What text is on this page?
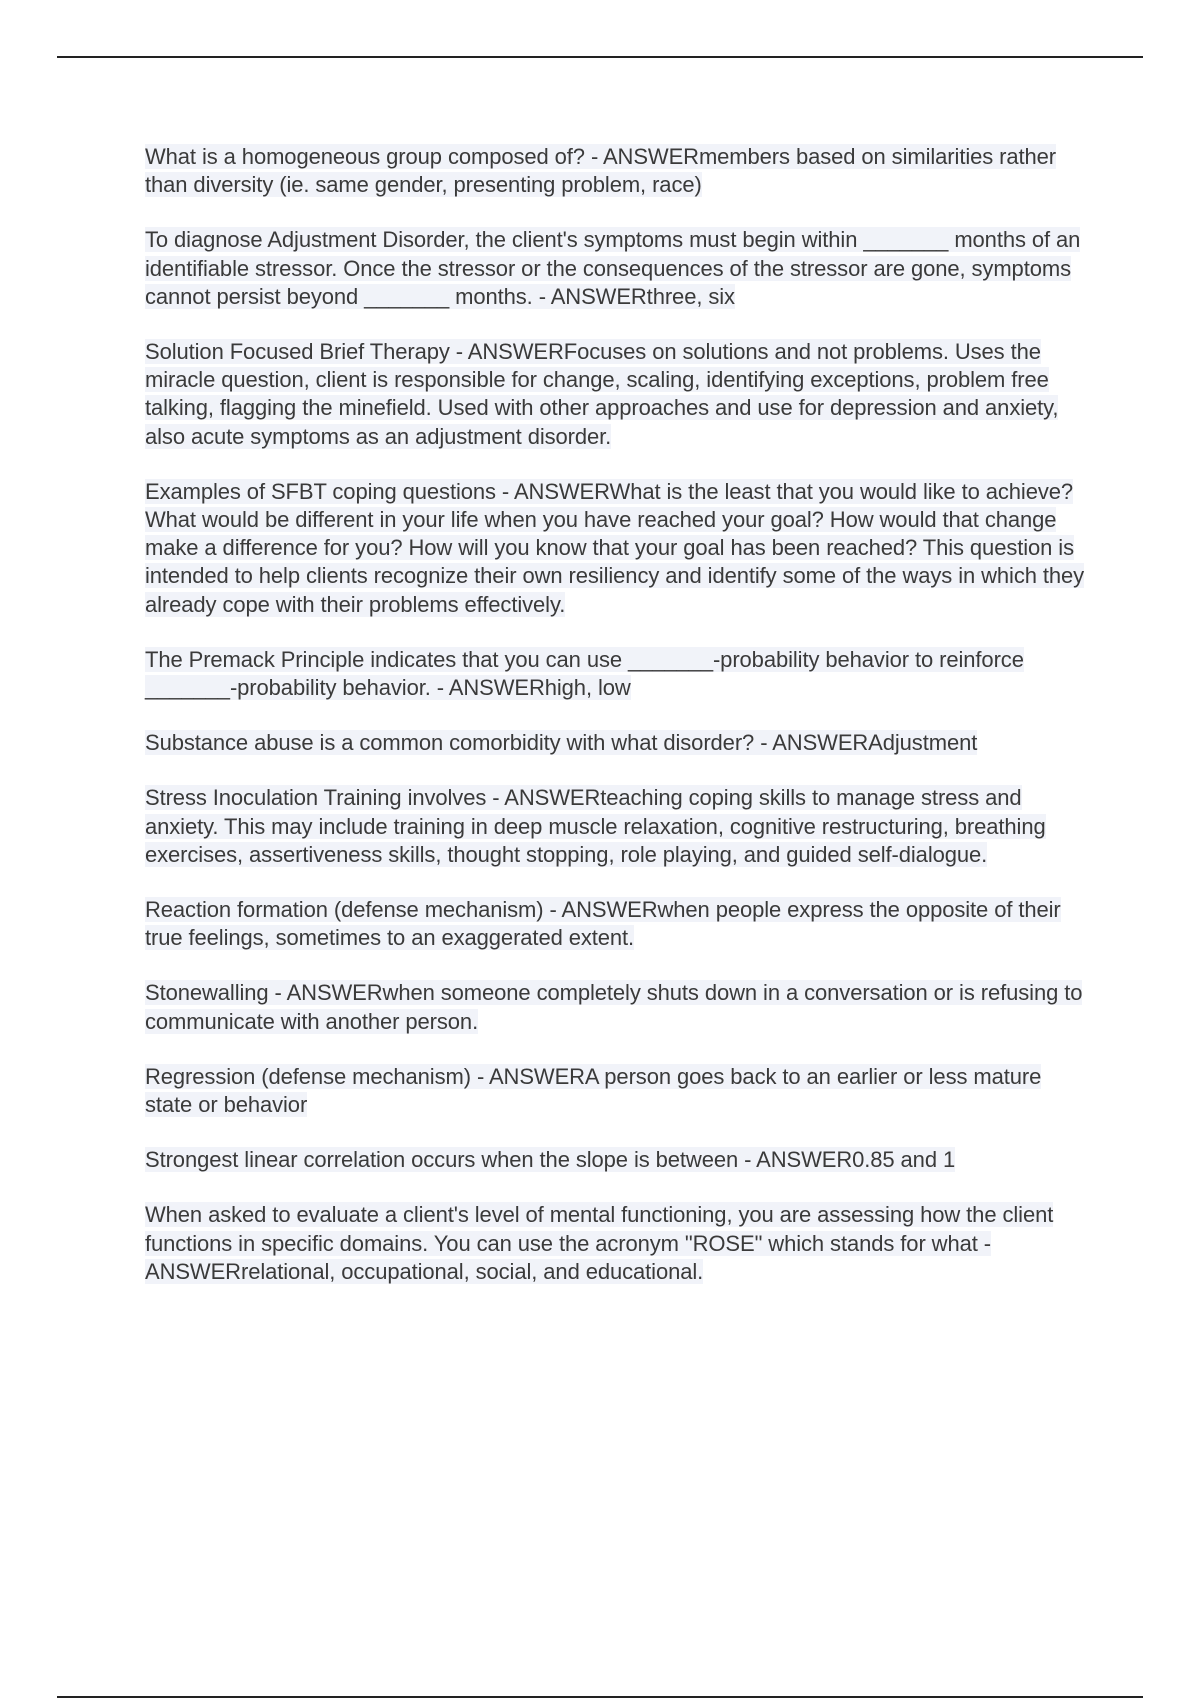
What is a homogeneous group composed of? - ANSWERmembers based on similarities rather than diversity (ie. same gender, presenting problem, race)

To diagnose Adjustment Disorder, the client's symptoms must begin within _______ months of an identifiable stressor. Once the stressor or the consequences of the stressor are gone, symptoms cannot persist beyond _______ months. - ANSWERthree, six

Solution Focused Brief Therapy - ANSWERFocuses on solutions and not problems. Uses the miracle question, client is responsible for change, scaling, identifying exceptions, problem free talking, flagging the minefield. Used with other approaches and use for depression and anxiety, also acute symptoms as an adjustment disorder.

Examples of SFBT coping questions - ANSWERWhat is the least that you would like to achieve? What would be different in your life when you have reached your goal? How would that change make a difference for you? How will you know that your goal has been reached? This question is intended to help clients recognize their own resiliency and identify some of the ways in which they already cope with their problems effectively.

The Premack Principle indicates that you can use _______-probability behavior to reinforce _______-probability behavior. - ANSWERhigh, low

Substance abuse is a common comorbidity with what disorder? - ANSWERAdjustment

Stress Inoculation Training involves - ANSWERteaching coping skills to manage stress and anxiety. This may include training in deep muscle relaxation, cognitive restructuring, breathing exercises, assertiveness skills, thought stopping, role playing, and guided self-dialogue.

Reaction formation (defense mechanism) - ANSWERwhen people express the opposite of their true feelings, sometimes to an exaggerated extent.

Stonewalling - ANSWERwhen someone completely shuts down in a conversation or is refusing to communicate with another person.

Regression (defense mechanism) - ANSWERA person goes back to an earlier or less mature state or behavior

Strongest linear correlation occurs when the slope is between - ANSWER0.85 and 1

When asked to evaluate a client's level of mental functioning, you are assessing how the client functions in specific domains. You can use the acronym "ROSE" which stands for what - ANSWERrelational, occupational, social, and educational.
